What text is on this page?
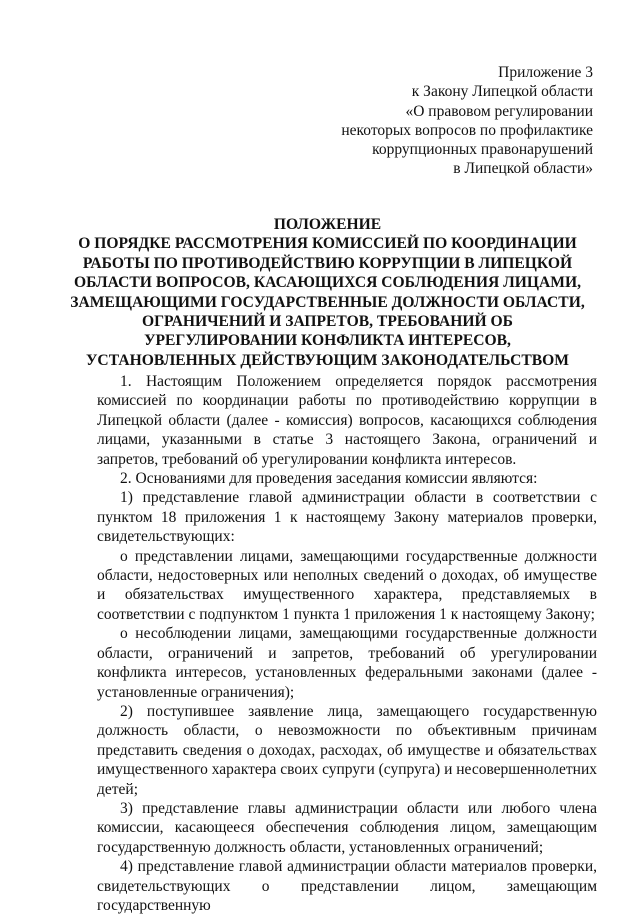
Приложение 3
к Закону Липецкой области
«О правовом регулировании
некоторых вопросов по профилактике
коррупционных правонарушений
в Липецкой области»
ПОЛОЖЕНИЕ
О ПОРЯДКЕ РАССМОТРЕНИЯ КОМИССИЕЙ ПО КООРДИНАЦИИ
РАБОТЫ ПО ПРОТИВОДЕЙСТВИЮ КОРРУПЦИИ В ЛИПЕЦКОЙ
ОБЛАСТИ ВОПРОСОВ, КАСАЮЩИХСЯ СОБЛЮДЕНИЯ ЛИЦАМИ,
ЗАМЕЩАЮЩИМИ ГОСУДАРСТВЕННЫЕ ДОЛЖНОСТИ ОБЛАСТИ,
ОГРАНИЧЕНИЙ И ЗАПРЕТОВ, ТРЕБОВАНИЙ ОБ
УРЕГУЛИРОВАНИИ КОНФЛИКТА ИНТЕРЕСОВ,
УСТАНОВЛЕННЫХ ДЕЙСТВУЮЩИМ ЗАКОНОДАТЕЛЬСТВОМ

1. Настоящим Положением определяется порядок рассмотрения комиссией по координации работы по противодействию коррупции в Липецкой области (далее - комиссия) вопросов, касающихся соблюдения лицами, указанными в статье 3 настоящего Закона, ограничений и запретов, требований об урегулировании конфликта интересов.

2. Основаниями для проведения заседания комиссии являются:

1) представление главой администрации области в соответствии с пунктом 18 приложения 1 к настоящему Закону материалов проверки, свидетельствующих:

о представлении лицами, замещающими государственные должности области, недостоверных или неполных сведений о доходах, об имуществе и обязательствах имущественного характера, представляемых в соответствии с подпунктом 1 пункта 1 приложения 1 к настоящему Закону;

о несоблюдении лицами, замещающими государственные должности области, ограничений и запретов, требований об урегулировании конфликта интересов, установленных федеральными законами (далее - установленные ограничения);

2) поступившее заявление лица, замещающего государственную должность области, о невозможности по объективным причинам представить сведения о доходах, расходах, об имуществе и обязательствах имущественного характера своих супруги (супруга) и несовершеннолетних детей;

3) представление главы администрации области или любого члена комиссии, касающееся обеспечения соблюдения лицом, замещающим государственную должность области, установленных ограничений;

4) представление главой администрации области материалов проверки, свидетельствующих о представлении лицом, замещающим государственную
